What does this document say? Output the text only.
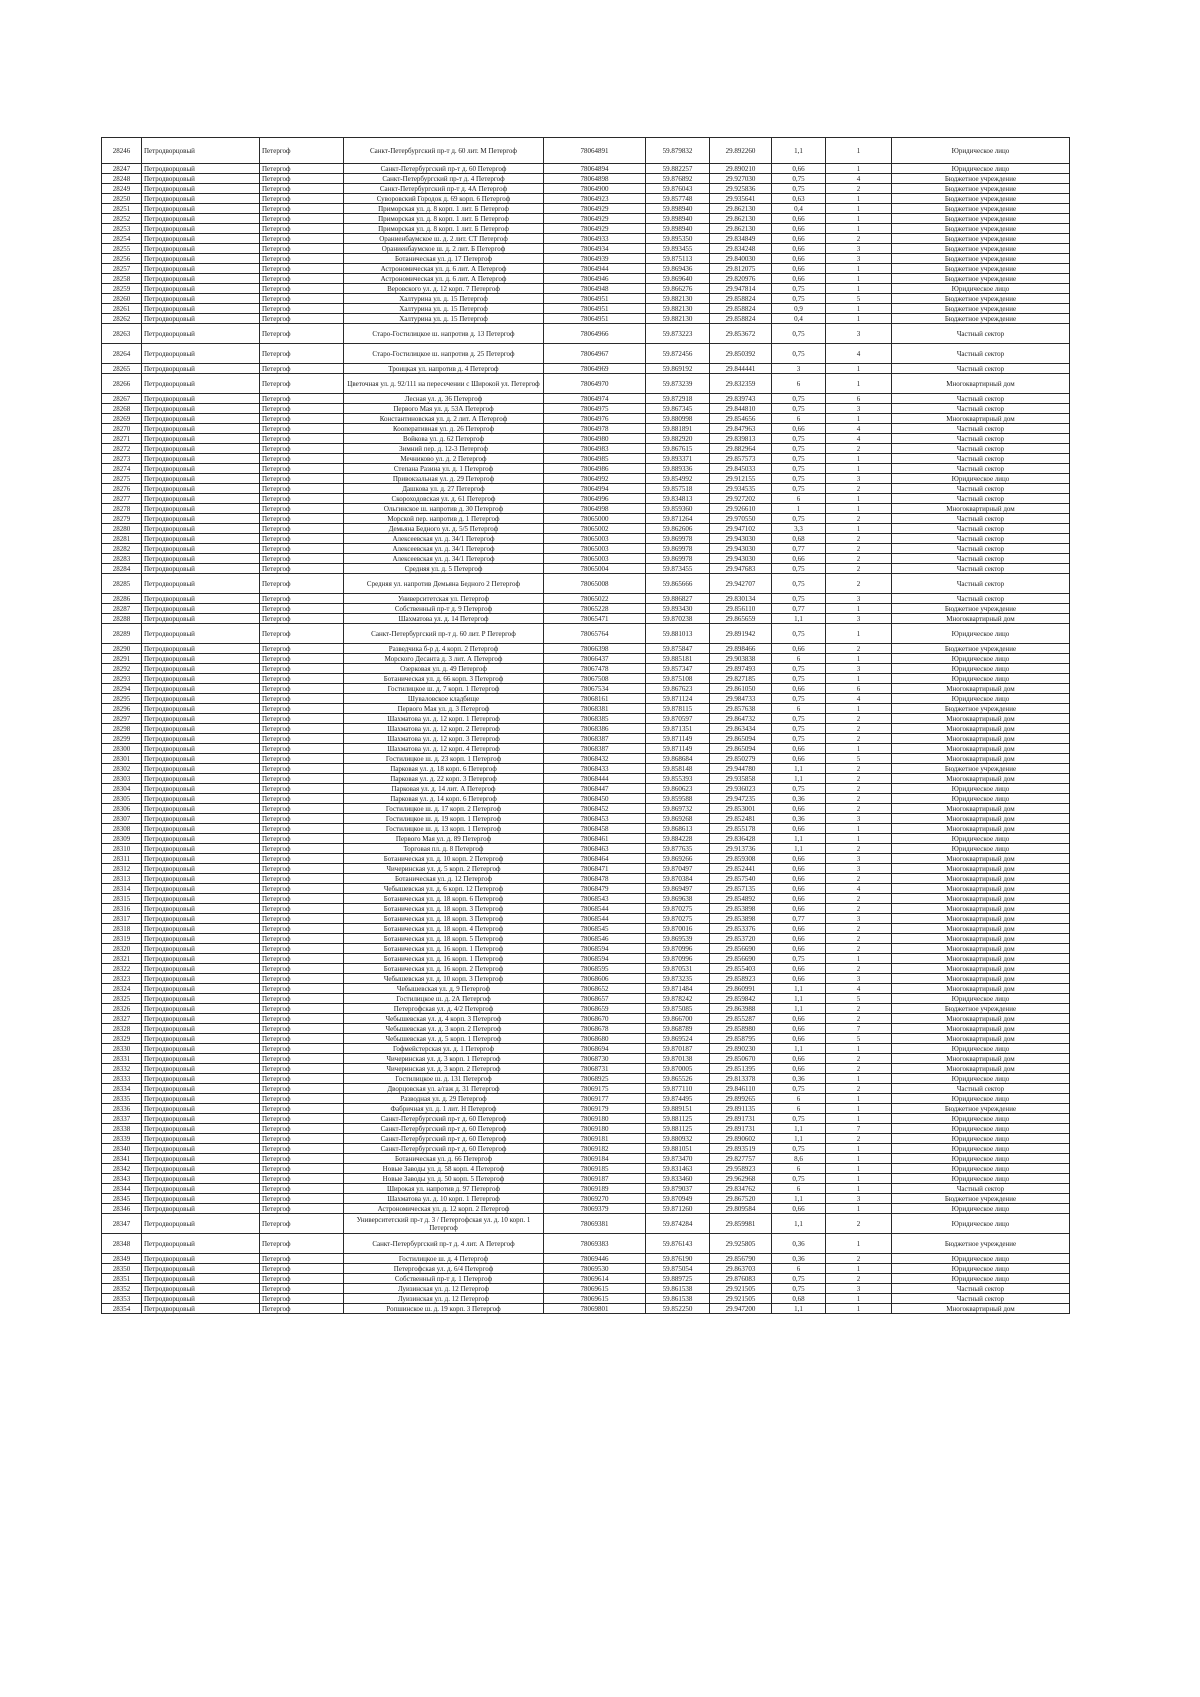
28246	Петродворцовый	Петергоф	Санкт-Петербургский пр-т д. 60 лит. М Петергоф	78064891	59.879832	29.892260	1,1	1	Юридическое лицо
28247	Петродворцовый	Петергоф	Санкт-Петербургский пр-т д. 60 Петергоф	78064894	59.882257	29.890210	0,66	1	Юридическое лицо
28248	Петродворцовый	Петергоф	Санкт-Петербургский пр-т д. 4 Петергоф	78064898	59.876892	29.927030	0,75	4	Бюджетное учреждение
28249	Петродворцовый	Петергоф	Санкт-Петербургский пр-т д. 4А Петергоф	78064900	59.876043	29.925836	0,75	2	Бюджетное учреждение
28250	Петродворцовый	Петергоф	Суворовский Городок д. 69 корп. 6 Петергоф	78064923	59.857748	29.935641	0,63	1	Бюджетное учреждение
28251	Петродворцовый	Петергоф	Приморская ул. д. 8 корп. 1 лит. Б Петергоф	78064929	59.898940	29.862130	0,4	1	Бюджетное учреждение
28252	Петродворцовый	Петергоф	Приморская ул. д. 8 корп. 1 лит. Б Петергоф	78064929	59.898940	29.862130	0,66	1	Бюджетное учреждение
28253	Петродворцовый	Петергоф	Приморская ул. д. 8 корп. 1 лит. Б Петергоф	78064929	59.898940	29.862130	0,66	1	Бюджетное учреждение
28254	Петродворцовый	Петергоф	Ораниенбаумское ш. д. 2 лит. СТ Петергоф	78064933	59.895350	29.834849	0,66	2	Бюджетное учреждение
28255	Петродворцовый	Петергоф	Ораниенбаумское ш. д. 2 лит. Б Петергоф	78064934	59.893455	29.834248	0,66	3	Бюджетное учреждение
28256	Петродворцовый	Петергоф	Ботаническая ул. д. 17 Петергоф	78064939	59.875113	29.840030	0,66	3	Бюджетное учреждение
28257	Петродворцовый	Петергоф	Астрономическая ул. д. 6 лит. А Петергоф	78064944	59.869436	29.812075	0,66	1	Бюджетное учреждение
28258	Петродворцовый	Петергоф	Астрономическая ул. д. 6 лит. А Петергоф	78064946	59.869640	29.820976	0,66	1	Бюджетное учреждение
28259	Петродворцовый	Петергоф	Веровского ул. д. 12 корп. 7 Петергоф	78064948	59.866276	29.947814	0,75	1	Юридическое лицо
28260	Петродворцовый	Петергоф	Халтурина ул. д. 15 Петергоф	78064951	59.882130	29.858824	0,75	5	Бюджетное учреждение
28261	Петродворцовый	Петергоф	Халтурина ул. д. 15 Петергоф	78064951	59.882130	29.858824	0,9	1	Бюджетное учреждение
28262	Петродворцовый	Петергоф	Халтурина ул. д. 15 Петергоф	78064951	59.882130	29.858824	0,4	1	Бюджетное учреждение
28263	Петродворцовый	Петергоф	Старо-Гостилицкое ш. напротив д. 13 Петергоф	78064966	59.873223	29.853672	0,75	3	Частный сектор
28264	Петродворцовый	Петергоф	Старо-Гостилицкое ш. напротив д. 25 Петергоф	78064967	59.872456	29.850392	0,75	4	Частный сектор
28265	Петродворцовый	Петергоф	Троицкая ул. напротив д. 4 Петергоф	78064969	59.869192	29.844441	3	1	Частный сектор
28266	Петродворцовый	Петергоф	Цветочная ул. д. 92/111 на пересечении с Широкой ул. Петергоф	78064970	59.873239	29.832359	6	1	Многоквартирный дом
28267	Петродворцовый	Петергоф	Лесная ул. д. 36 Петергоф	78064974	59.872918	29.839743	0,75	6	Частный сектор
28268	Петродворцовый	Петергоф	Первого Мая ул. д. 53А Петергоф	78064975	59.867345	29.844810	0,75	3	Частный сектор
28269	Петродворцовый	Петергоф	Константиновская ул. д. 2 лит. А Петергоф	78064976	59.880998	29.854656	6	1	Многоквартирный дом
28270	Петродворцовый	Петергоф	Кооперативная ул. д. 26 Петергоф	78064978	59.881891	29.847963	0,66	4	Частный сектор
28271	Петродворцовый	Петергоф	Войкова ул. д. 62 Петергоф	78064980	59.882920	29.839813	0,75	4	Частный сектор
28272	Петродворцовый	Петергоф	Зимний пер. д. 12-3 Петергоф	78064983	59.867615	29.882964	0,75	2	Частный сектор
28273	Петродворцовый	Петергоф	Мечниково ул. д. 2 Петергоф	78064985	59.893371	29.857573	0,75	1	Частный сектор
28274	Петродворцовый	Петергоф	Степана Разина ул. д. 1 Петергоф	78064986	59.889336	29.845033	0,75	1	Частный сектор
28275	Петродворцовый	Петергоф	Привокзальная ул. д. 29 Петергоф	78064992	59.854992	29.912155	0,75	3	Юридическое лицо
28276	Петродворцовый	Петергоф	Дашкова ул. д. 27 Петергоф	78064994	59.857518	29.934535	0,75	2	Частный сектор
28277	Петродворцовый	Петергоф	Скороходовская ул. д. 61 Петергоф	78064996	59.834813	29.927202	6	1	Частный сектор
28278	Петродворцовый	Петергоф	Ольгинское ш. напротив д. 30 Петергоф	78064998	59.859360	29.926610	1	1	Многоквартирный дом
28279	Петродворцовый	Петергоф	Морской пер. напротив д. 1 Петергоф	78065000	59.871264	29.970550	0,75	2	Частный сектор
28280	Петродворцовый	Петергоф	Демьяна Бедного ул. д. 5/5 Петергоф	78065002	59.862606	29.947102	3,3	1	Частный сектор
28281	Петродворцовый	Петергоф	Алексеевская ул. д. 34/1 Петергоф	78065003	59.869978	29.943030	0,68	2	Частный сектор
28282	Петродворцовый	Петергоф	Алексеевская ул. д. 34/1 Петергоф	78065003	59.869978	29.943030	0,77	2	Частный сектор
28283	Петродворцовый	Петергоф	Алексеевская ул. д. 34/1 Петергоф	78065003	59.869978	29.943030	0,66	2	Частный сектор
28284	Петродворцовый	Петергоф	Средняя ул. д. 5 Петергоф	78065004	59.873455	29.947683	0,75	2	Частный сектор
28285	Петродворцовый	Петергоф	Средняя ул. напротив Демьяна Бедного 2 Петергоф	78065008	59.865666	29.942707	0,75	2	Частный сектор
28286	Петродворцовый	Петергоф	Университетская ул. Петергоф	78065022	59.886827	29.830134	0,75	3	Частный сектор
28287	Петродворцовый	Петергоф	Собственный пр-т д. 9 Петергоф	78065228	59.893430	29.856110	0,77	1	Бюджетное учреждение
28288	Петродворцовый	Петергоф	Шахматова ул. д. 14 Петергоф	78065471	59.870238	29.865659	1,1	3	Многоквартирный дом
28289	Петродворцовый	Петергоф	Санкт-Петербургский пр-т д. 60 лит. Р Петергоф	78065764	59.881013	29.891942	0,75	1	Юридическое лицо
28290	Петродворцовый	Петергоф	Разведчика б-р д. 4 корп. 2 Петергоф	78066398	59.875847	29.898466	0,66	2	Бюджетное учреждение
28291	Петродворцовый	Петергоф	Морского Десанта д. 3 лит. А Петергоф	78066437	59.885181	29.903838	6	1	Юридическое лицо
28292	Петродворцовый	Петергоф	Озерковая ул. д. 49 Петергоф	78067478	59.857347	29.897493	0,75	3	Юридическое лицо
28293	Петродворцовый	Петергоф	Ботаническая ул. д. 66 корп. 3 Петергоф	78067508	59.875108	29.827185	0,75	1	Юридическое лицо
28294	Петродворцовый	Петергоф	Гостилицкое ш. д. 7 корп. 1 Петергоф	78067534	59.867623	29.861050	0,66	6	Многоквартирный дом
28295	Петродворцовый	Петергоф	Шуваловское кладбище	78068161	59.871124	29.984733	0,75	4	Юридическое лицо
28296	Петродворцовый	Петергоф	Первого Мая ул. д. 3 Петергоф	78068381	59.878115	29.857638	6	1	Бюджетное учреждение
28297	Петродворцовый	Петергоф	Шахматова ул. д. 12 корп. 1 Петергоф	78068385	59.870597	29.864732	0,75	2	Многоквартирный дом
28298	Петродворцовый	Петергоф	Шахматова ул. д. 12 корп. 2 Петергоф	78068386	59.871351	29.863434	0,75	2	Многоквартирный дом
28299	Петродворцовый	Петергоф	Шахматова ул. д. 12 корп. 3 Петергоф	78068387	59.871149	29.865094	0,75	2	Многоквартирный дом
28300	Петродворцовый	Петергоф	Шахматова ул. д. 12 корп. 4 Петергоф	78068387	59.871149	29.865094	0,66	1	Многоквартирный дом
28301	Петродворцовый	Петергоф	Гостилицкое ш. д. 23 корп. 1 Петергоф	78068432	59.868684	29.850279	0,66	5	Многоквартирный дом
28302	Петродворцовый	Петергоф	Парковая ул. д. 18 корп. 6 Петергоф	78068433	59.858148	29.944780	1,1	2	Бюджетное учреждение
28303	Петродворцовый	Петергоф	Парковая ул. д. 22 корп. 3 Петергоф	78068444	59.855393	29.935858	1,1	2	Многоквартирный дом
28304	Петродворцовый	Петергоф	Парковая ул. д. 14 лит. А Петергоф	78068447	59.860623	29.936023	0,75	2	Юридическое лицо
28305	Петродворцовый	Петергоф	Парковая ул. д. 14 корп. 6 Петергоф	78068450	59.859588	29.947235	0,36	2	Юридическое лицо
28306	Петродворцовый	Петергоф	Гостилицкое ш. д. 17 корп. 2 Петергоф	78068452	59.869732	29.853001	0,66	2	Многоквартирный дом
28307	Петродворцовый	Петергоф	Гостилицкое ш. д. 19 корп. 1 Петергоф	78068453	59.869268	29.852481	0,36	3	Многоквартирный дом
28308	Петродворцовый	Петергоф	Гостилицкое ш. д. 13 корп. 1 Петергоф	78068458	59.868613	29.855178	0,66	1	Многоквартирный дом
28309	Петродворцовый	Петергоф	Первого Мая ул. д. 89 Петергоф	78068461	59.884228	29.836428	1,1	1	Юридическое лицо
28310	Петродворцовый	Петергоф	Торговая пл. д. 8 Петергоф	78068463	59.877635	29.913736	1,1	2	Юридическое лицо
28311	Петродворцовый	Петергоф	Ботаническая ул. д. 10 корп. 2 Петергоф	78068464	59.869266	29.859308	0,66	3	Многоквартирный дом
28312	Петродворцовый	Петергоф	Чичеринская ул. д. 5 корп. 2 Петергоф	78068471	59.870497	29.852441	0,66	3	Многоквартирный дом
28313	Петродворцовый	Петергоф	Ботаническая ул. д. 12 Петергоф	78068478	59.870384	29.857540	0,66	2	Многоквартирный дом
28314	Петродворцовый	Петергоф	Чебышевская ул. д. 6 корп. 12 Петергоф	78068479	59.869497	29.857135	0,66	4	Многоквартирный дом
28315	Петродворцовый	Петергоф	Ботаническая ул. д. 18 корп. 6 Петергоф	78068543	59.869638	29.854892	0,66	2	Многоквартирный дом
28316	Петродворцовый	Петергоф	Ботаническая ул. д. 18 корп. 3 Петергоф	78068544	59.870275	29.853898	0,66	2	Многоквартирный дом
28317	Петродворцовый	Петергоф	Ботаническая ул. д. 18 корп. 3 Петергоф	78068544	59.870275	29.853898	0,77	3	Многоквартирный дом
28318	Петродворцовый	Петергоф	Ботаническая ул. д. 18 корп. 4 Петергоф	78068545	59.870016	29.853376	0,66	2	Многоквартирный дом
28319	Петродворцовый	Петергоф	Ботаническая ул. д. 18 корп. 5 Петергоф	78068546	59.869539	29.853720	0,66	2	Многоквартирный дом
28320	Петродворцовый	Петергоф	Ботаническая ул. д. 16 корп. 1 Петергоф	78068594	59.870996	29.856690	0,66	2	Многоквартирный дом
28321	Петродворцовый	Петергоф	Ботаническая ул. д. 16 корп. 1 Петергоф	78068594	59.870996	29.856690	0,75	1	Многоквартирный дом
28322	Петродворцовый	Петергоф	Ботаническая ул. д. 16 корп. 2 Петергоф	78068595	59.870531	29.855403	0,66	2	Многоквартирный дом
28323	Петродворцовый	Петергоф	Чебышевская ул. д. 10 корп. 3 Петергоф	78068606	59.873235	29.858923	0,66	3	Многоквартирный дом
28324	Петродворцовый	Петергоф	Чебышевская ул. д. 9 Петергоф	78068652	59.871484	29.860991	1,1	4	Многоквартирный дом
28325	Петродворцовый	Петергоф	Гостилицкое ш. д. 2А Петергоф	78068657	59.878242	29.859842	1,1	5	Юридическое лицо
28326	Петродворцовый	Петергоф	Петергофская ул. д. 4/2 Петергоф	78068659	59.875085	29.863988	1,1	2	Бюджетное учреждение
28327	Петродворцовый	Петергоф	Чебышевская ул. д. 4 корп. 3 Петергоф	78068670	59.866700	29.855287	0,66	2	Многоквартирный дом
28328	Петродворцовый	Петергоф	Чебышевская ул. д. 3 корп. 2 Петергоф	78068678	59.868789	29.858980	0,66	7	Многоквартирный дом
28329	Петродворцовый	Петергоф	Чебышевская ул. д. 5 корп. 1 Петергоф	78068680	59.869524	29.858795	0,66	5	Многоквартирный дом
28330	Петродворцовый	Петергоф	Гофмейстерская ул. д. 1 Петергоф	78068694	59.870187	29.890230	1,1	1	Юридическое лицо
28331	Петродворцовый	Петергоф	Чичеринская ул. д. 3 корп. 1 Петергоф	78068730	59.870138	29.850670	0,66	2	Многоквартирный дом
28332	Петродворцовый	Петергоф	Чичеринская ул. д. 3 корп. 2 Петергоф	78068731	59.870005	29.851395	0,66	2	Многоквартирный дом
28333	Петродворцовый	Петергоф	Гостилицкое ш. д. 131 Петергоф	78068925	59.865526	29.813378	0,36	1	Юридическое лицо
28334	Петродворцовый	Петергоф	Дворцовская ул. а/гаж д. 31 Петергоф	78069175	59.877110	29.846110	0,75	2	Частный сектор
28335	Петродворцовый	Петергоф	Разводная ул. д. 29 Петергоф	78069177	59.874495	29.899265	6	1	Юридическое лицо
28336	Петродворцовый	Петергоф	Фабричная ул. д. 1 лит. Н Петергоф	78069179	59.889151	29.891135	6	1	Бюджетное учреждение
28337	Петродворцовый	Петергоф	Санкт-Петербургский пр-т д. 60 Петергоф	78069180	59.881125	29.891731	0,75	1	Юридическое лицо
28338	Петродворцовый	Петергоф	Санкт-Петербургский пр-т д. 60 Петергоф	78069180	59.881125	29.891731	1,1	7	Юридическое лицо
28339	Петродворцовый	Петергоф	Санкт-Петербургский пр-т д. 60 Петергоф	78069181	59.880932	29.890602	1,1	2	Юридическое лицо
28340	Петродворцовый	Петергоф	Санкт-Петербургский пр-т д. 60 Петергоф	78069182	59.881051	29.893519	0,75	1	Юридическое лицо
28341	Петродворцовый	Петергоф	Ботаническая ул. д. 66 Петергоф	78069184	59.873470	29.827757	8,6	1	Юридическое лицо
28342	Петродворцовый	Петергоф	Новые Заводы ул. д. 58 корп. 4 Петергоф	78069185	59.831463	29.958923	6	1	Юридическое лицо
28343	Петродворцовый	Петергоф	Новые Заводы ул. д. 50 корп. 5 Петергоф	78069187	59.833460	29.962968	0,75	1	Юридическое лицо
28344	Петродворцовый	Петергоф	Широкая ул. напротив д. 97 Петергоф	78069189	59.879037	29.834762	6	1	Частный сектор
28345	Петродворцовый	Петергоф	Шахматова ул. д. 10 корп. 1 Петергоф	78069270	59.870949	29.867520	1,1	3	Бюджетное учреждение
28346	Петродворцовый	Петергоф	Астрономическая ул. д. 12 корп. 2 Петергоф	78069379	59.871260	29.809584	0,66	1	Юридическое лицо
28347	Петродворцовый	Петергоф	Университетский пр-т д. 3 / Петергофская ул. д. 10 корп. 1 Петергоф	78069381	59.874284	29.859981	1,1	2	Юридическое лицо
28348	Петродворцовый	Петергоф	Санкт-Петербургский пр-т д. 4 лит. А Петергоф	78069383	59.876143	29.925805	0,36	1	Бюджетное учреждение
28349	Петродворцовый	Петергоф	Гостилицкое ш. д. 4 Петергоф	78069446	59.876190	29.856790	0,36	2	Юридическое лицо
28350	Петродворцовый	Петергоф	Петергофская ул. д. 6/4 Петергоф	78069530	59.875054	29.863703	6	1	Юридическое лицо
28351	Петродворцовый	Петергоф	Собственный пр-т д. 1 Петергоф	78069614	59.889725	29.876083	0,75	2	Юридическое лицо
28352	Петродворцовый	Петергоф	Луизинская ул. д. 12 Петергоф	78069615	59.861538	29.921505	0,75	3	Частный сектор
28353	Петродворцовый	Петергоф	Луизинская ул. д. 12 Петергоф	78069615	59.861538	29.921505	0,68	1	Частный сектор
28354	Петродворцовый	Петергоф	Ропшинское ш. д. 19 корп. 3 Петергоф	78069801	59.852250	29.947200	1,1	1	Многоквартирный дом
